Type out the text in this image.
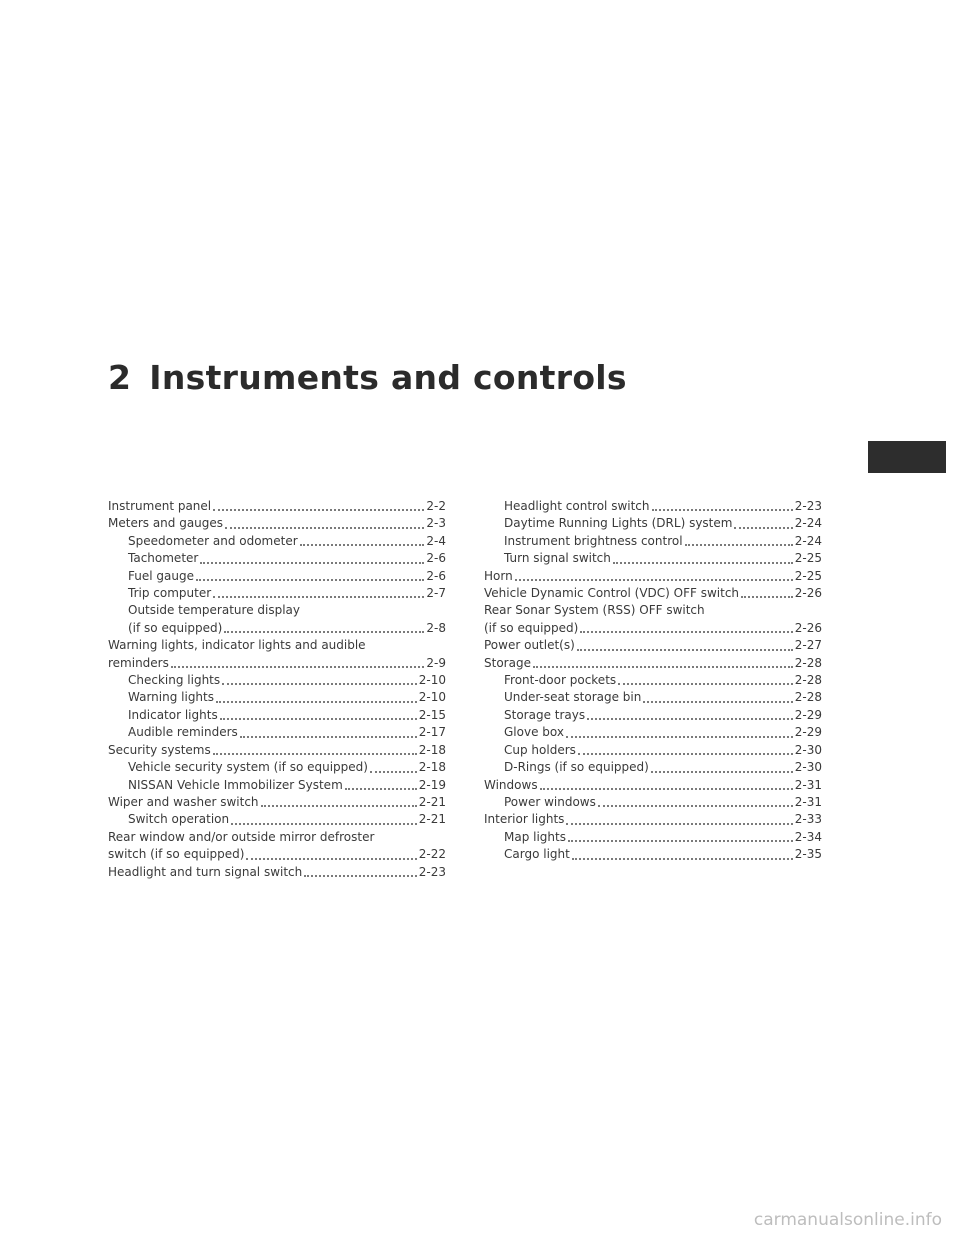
2 Instruments and controls
Instrument panel	2-2
Meters and gauges	2-3
Speedometer and odometer	2-4
Tachometer	2-6
Fuel gauge	2-6
Trip computer	2-7
Outside temperature display
(if so equipped)	2-8
Warning lights, indicator lights and audible
reminders	2-9
Checking lights	2-10
Warning lights	2-10
Indicator lights	2-15
Audible reminders	2-17
Security systems	2-18
Vehicle security system (if so equipped)	2-18
NISSAN Vehicle Immobilizer System	2-19
Wiper and washer switch	2-21
Switch operation	2-21
Rear window and/or outside mirror defroster
switch (if so equipped)	2-22
Headlight and turn signal switch	2-23
Headlight control switch	2-23
Daytime Running Lights (DRL) system	2-24
Instrument brightness control	2-24
Turn signal switch	2-25
Horn	2-25
Vehicle Dynamic Control (VDC) OFF switch	2-26
Rear Sonar System (RSS) OFF switch
(if so equipped)	2-26
Power outlet(s)	2-27
Storage	2-28
Front-door pockets	2-28
Under-seat storage bin	2-28
Storage trays	2-29
Glove box	2-29
Cup holders	2-30
D-Rings (if so equipped)	2-30
Windows	2-31
Power windows	2-31
Interior lights	2-33
Map lights	2-34
Cargo light	2-35
carmanualsonline.info
